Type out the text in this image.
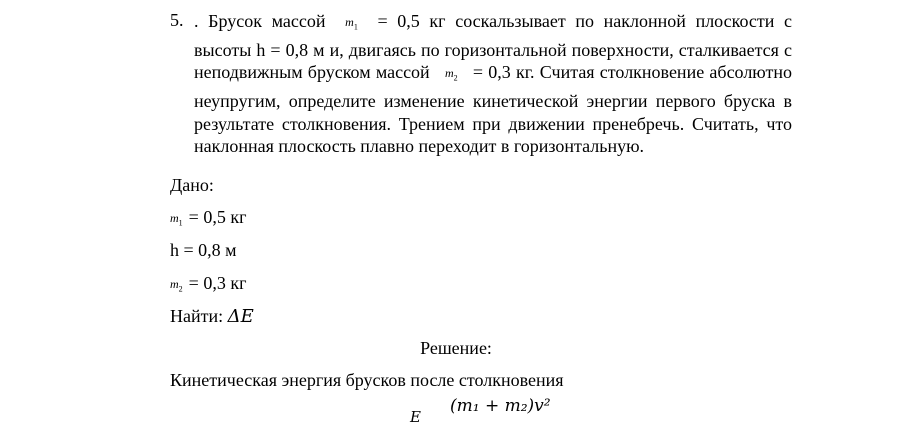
5. . Брусок массой $m_1 = 0,5$ кг соскальзывает по наклонной плоскости с высоты h = 0,8 м и, двигаясь по горизонтальной поверхности, сталкивается с неподвижным бруском массой $m_2 = 0,3$ кг. Считая столкновение абсолютно неупругим, определите изменение кинетической энергии первого бруска в результате столкновения. Трением при движении пренебречь. Считать, что наклонная плоскость плавно переходит в горизонтальную.
Дано:
$m_1 = 0,5$ кг
h = 0,8 м
$m_2 = 0,3$ кг
Найти: ΔE
Решение:
Кинетическая энергия брусков после столкновения
E
(m₁ + m₂)v²
